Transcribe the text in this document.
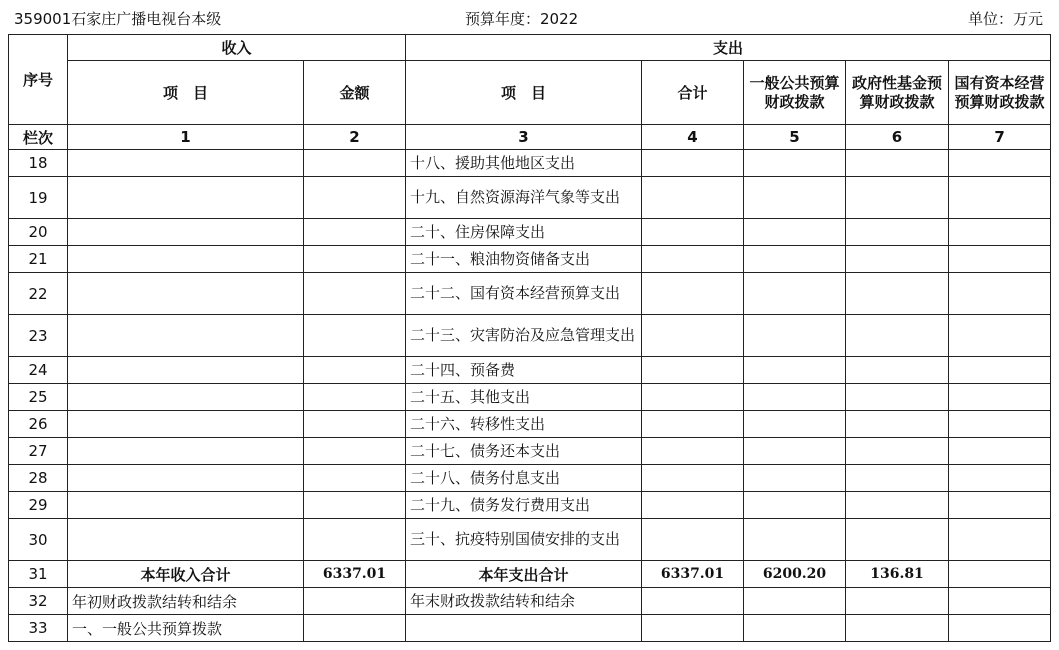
359001石家庄广播电视台本级	预算年度：2022	单位：万元
序号	收入		支出				
	项　目	金额	项　目	合计	一般公共预算财政拨款	政府性基金预算财政拨款	国有资本经营预算财政拨款
栏次	1	2	3	4	5	6	7
18			十八、援助其他地区支出				
19			十九、自然资源海洋气象等支出				
20			二十、住房保障支出				
21			二十一、粮油物资储备支出				
22			二十二、国有资本经营预算支出				
23			二十三、灾害防治及应急管理支出				
24			二十四、预备费				
25			二十五、其他支出				
26			二十六、转移性支出				
27			二十七、债务还本支出				
28			二十八、债务付息支出				
29			二十九、债务发行费用支出				
30			三十、抗疫特别国债安排的支出				
31	本年收入合计	6337.01	本年支出合计	6337.01	6200.20	136.81	
32	年初财政拨款结转和结余		年末财政拨款结转和结余				
33	一、一般公共预算拨款						
